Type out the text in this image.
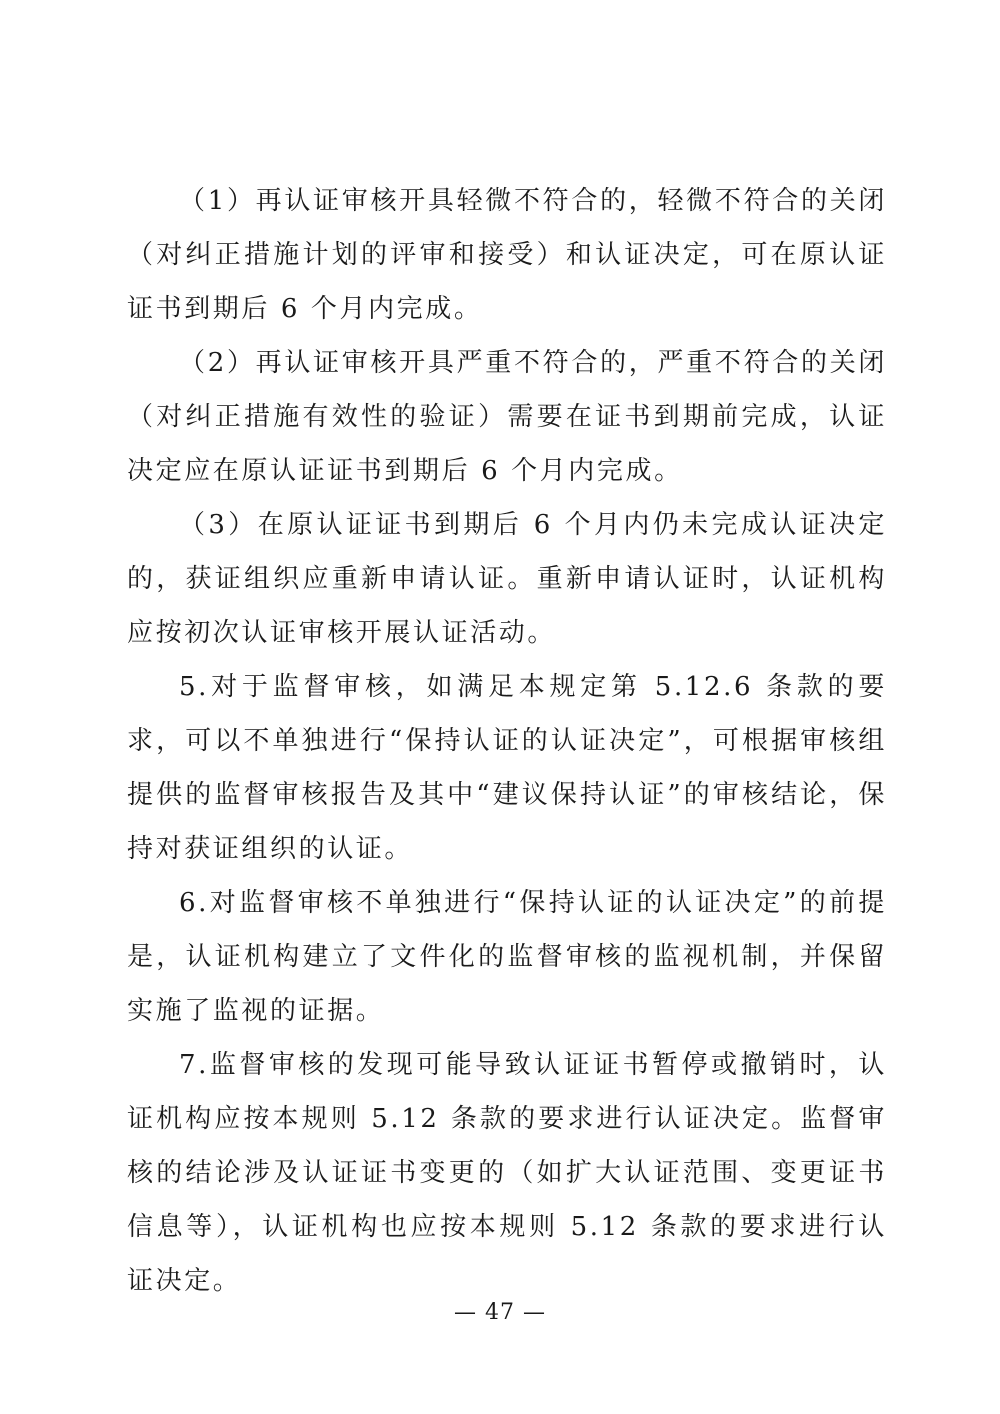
（1）再认证审核开具轻微不符合的，轻微不符合的关闭（对纠正措施计划的评审和接受）和认证决定，可在原认证证书到期后 6 个月内完成。

（2）再认证审核开具严重不符合的，严重不符合的关闭（对纠正措施有效性的验证）需要在证书到期前完成，认证决定应在原认证证书到期后 6 个月内完成。

（3）在原认证证书到期后 6 个月内仍未完成认证决定的，获证组织应重新申请认证。重新申请认证时，认证机构应按初次认证审核开展认证活动。

5.对于监督审核，如满足本规定第 5.12.6 条款的要求，可以不单独进行“保持认证的认证决定”，可根据审核组提供的监督审核报告及其中“建议保持认证”的审核结论，保持对获证组织的认证。

6.对监督审核不单独进行“保持认证的认证决定”的前提是，认证机构建立了文件化的监督审核的监视机制，并保留实施了监视的证据。

7.监督审核的发现可能导致认证证书暂停或撤销时，认证机构应按本规则 5.12 条款的要求进行认证决定。监督审核的结论涉及认证证书变更的（如扩大认证范围、变更证书信息等），认证机构也应按本规则 5.12 条款的要求进行认证决定。

— 47 —
